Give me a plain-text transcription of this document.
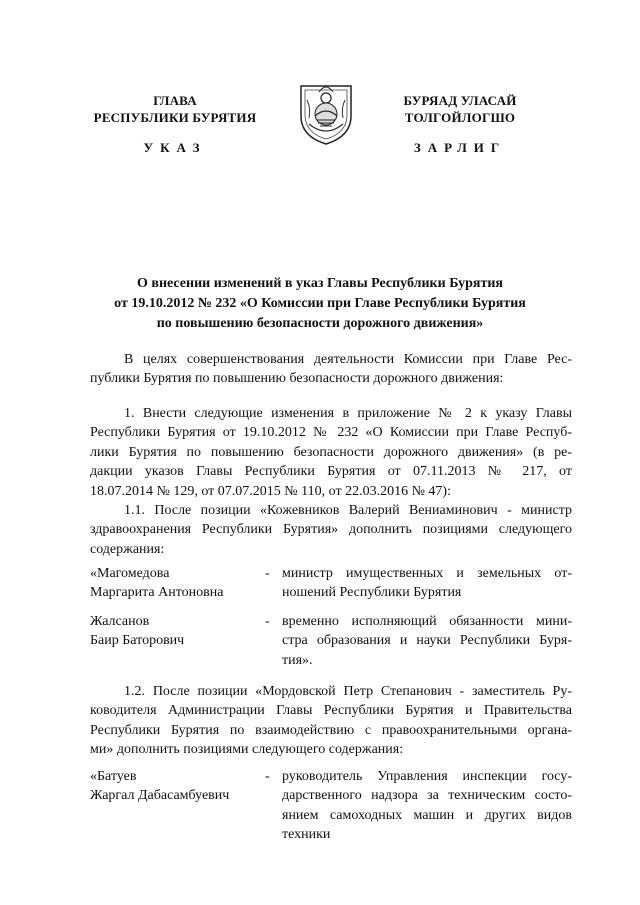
ГЛАВА
РЕСПУБЛИКИ БУРЯТИЯ
УКАЗ
БУРЯАД УЛАСАЙ
ТОЛГОЙЛОГШО
ЗАРЛИГ
О внесении изменений в указ Главы Республики Бурятия
от 19.10.2012 № 232 «О Комиссии при Главе Республики Бурятия
по повышению безопасности дорожного движения»
В целях совершенствования деятельности Комиссии при Главе Рес-
публики Бурятия по повышению безопасности дорожного движения:
1. Внести следующие изменения в приложение № 2 к указу Главы
Республики Бурятия от 19.10.2012 № 232 «О Комиссии при Главе Респуб-
лики Бурятия по повышению безопасности дорожного движения» (в ре-
дакции указов Главы Республики Бурятия от 07.11.2013 № 217, от
18.07.2014 № 129, от 07.07.2015 № 110, от 22.03.2016 № 47):
1.1. После позиции «Кожевников Валерий Вениаминович - министр
здравоохранения Республики Бурятия» дополнить позициями следующего
содержания:
«Магомедова
Маргарита Антоновна
- министр имущественных и земельных от-
ношений Республики Бурятия
Жалсанов
Баир Баторович
- временно исполняющий обязанности мини-
стра образования и науки Республики Буря-
тия».
1.2. После позиции «Мордовской Петр Степанович - заместитель Ру-
ководителя Администрации Главы Республики Бурятия и Правительства
Республики Бурятия по взаимодействию с правоохранительными органа-
ми» дополнить позициями следующего содержания:
«Батуев
Жаргал Дабасамбуевич
- руководитель Управления инспекции госу-
дарственного надзора за техническим состо-
янием самоходных машин и других видов
техники
